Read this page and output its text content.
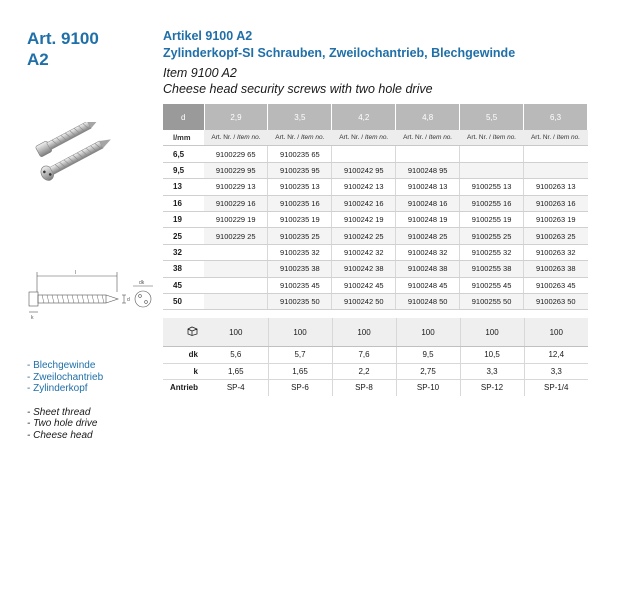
Art. 9100
A2
Artikel 9100 A2
Zylinderkopf-SI Schrauben, Zweilochantrieb, Blechgewinde
Item 9100 A2
Cheese head security screws with two hole drive
l
d
dk
k
- Blechgewinde
- Zweilochantrieb
- Zylinderkopf
- Sheet thread
- Two hole drive
- Cheese head
d	2,9	3,5	4,2	4,8	5,5	6,3
l/mm	Art. Nr. / Item no.	Art. Nr. / Item no.	Art. Nr. / Item no.	Art. Nr. / Item no.	Art. Nr. / Item no.	Art. Nr. / Item no.
6,5	9100229 65	9100235 65				
9,5	9100229 95	9100235 95	9100242 95	9100248 95		
13	9100229 13	9100235 13	9100242 13	9100248 13	9100255 13	9100263 13
16	9100229 16	9100235 16	9100242 16	9100248 16	9100255 16	9100263 16
19	9100229 19	9100235 19	9100242 19	9100248 19	9100255 19	9100263 19
25	9100229 25	9100235 25	9100242 25	9100248 25	9100255 25	9100263 25
32		9100235 32	9100242 32	9100248 32	9100255 32	9100263 32
38		9100235 38	9100242 38	9100248 38	9100255 38	9100263 38
45		9100235 45	9100242 45	9100248 45	9100255 45	9100263 45
50		9100235 50	9100242 50	9100248 50	9100255 50	9100263 50
	100	100	100	100	100	100
dk	5,6	5,7	7,6	9,5	10,5	12,4
k	1,65	1,65	2,2	2,75	3,3	3,3
Antrieb	SP-4	SP-6	SP-8	SP-10	SP-12	SP-1/4
